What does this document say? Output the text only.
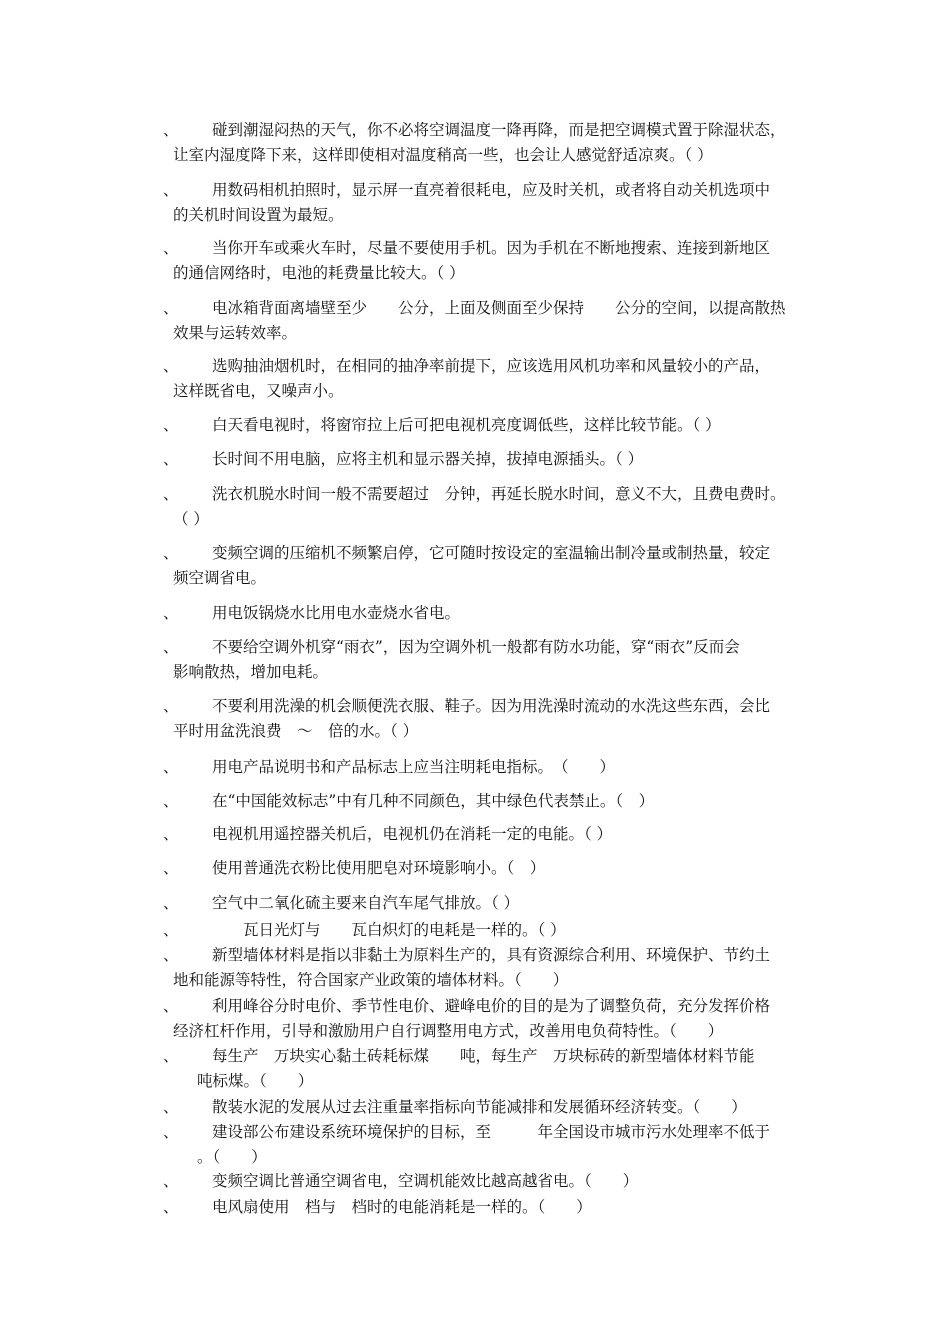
、	碰到潮湿闷热的天气，你不必将空调温度一降再降，而是把空调模式置于除湿状态，
让室内湿度降下来，这样即使相对温度稍高一些，也会让人感觉舒适凉爽。（ ）
、	用数码相机拍照时，显示屏一直亮着很耗电，应及时关机，或者将自动关机选项中
的关机时间设置为最短。
、	当你开车或乘火车时，尽量不要使用手机。因为手机在不断地搜索、连接到新地区
的通信网络时，电池的耗费量比较大。（ ）
、	电冰箱背面离墙壁至少　　公分，上面及侧面至少保持　　公分的空间，以提高散热
效果与运转效率。
、	选购抽油烟机时，在相同的抽净率前提下，应该选用风机功率和风量较小的产品，
这样既省电，又噪声小。
、	白天看电视时，将窗帘拉上后可把电视机亮度调低些，这样比较节能。（ ）
、	长时间不用电脑，应将主机和显示器关掉，拔掉电源插头。（ ）
、	洗衣机脱水时间一般不需要超过　分钟，再延长脱水时间，意义不大，且费电费时。
（ ）
、	变频空调的压缩机不频繁启停，它可随时按设定的室温输出制冷量或制热量，较定
频空调省电。
、	用电饭锅烧水比用电水壶烧水省电。
、	不要给空调外机穿“雨衣”，因为空调外机一般都有防水功能，穿“雨衣”反而会
影响散热，增加电耗。
、	不要利用洗澡的机会顺便洗衣服、鞋子。因为用洗澡时流动的水洗这些东西，会比
平时用盆洗浪费　～　倍的水。（ ）
、	用电产品说明书和产品标志上应当注明耗电指标。　（　　）
、	在“中国能效标志”中有几种不同颜色，其中绿色代表禁止。（　）
、	电视机用遥控器关机后，电视机仍在消耗一定的电能。（ ）
、	使用普通洗衣粉比使用肥皂对环境影响小。（　）
、	空气中二氧化硫主要来自汽车尾气排放。（ ）
、	　　瓦日光灯与　　瓦白炽灯的电耗是一样的。（ ）
、	新型墙体材料是指以非黏土为原料生产的，具有资源综合利用、环境保护、节约土
地和能源等特性，符合国家产业政策的墙体材料。（　　）
、	利用峰谷分时电价、季节性电价、避峰电价的目的是为了调整负荷，充分发挥价格
经济杠杆作用，引导和激励用户自行调整用电方式，改善用电负荷特性。（　　）
、	每生产　万块实心黏土砖耗标煤　　吨，每生产　万块标砖的新型墙体材料节能
吨标煤。（　　）
、	散装水泥的发展从过去注重量率指标向节能减排和发展循环经济转变。（　　）
、	建设部公布建设系统环境保护的目标，至　　　年全国设市城市污水处理率不低于
。（　　）
、	变频空调比普通空调省电，空调机能效比越高越省电。（　　）
、	电风扇使用　档与　档时的电能消耗是一样的。（　　）
